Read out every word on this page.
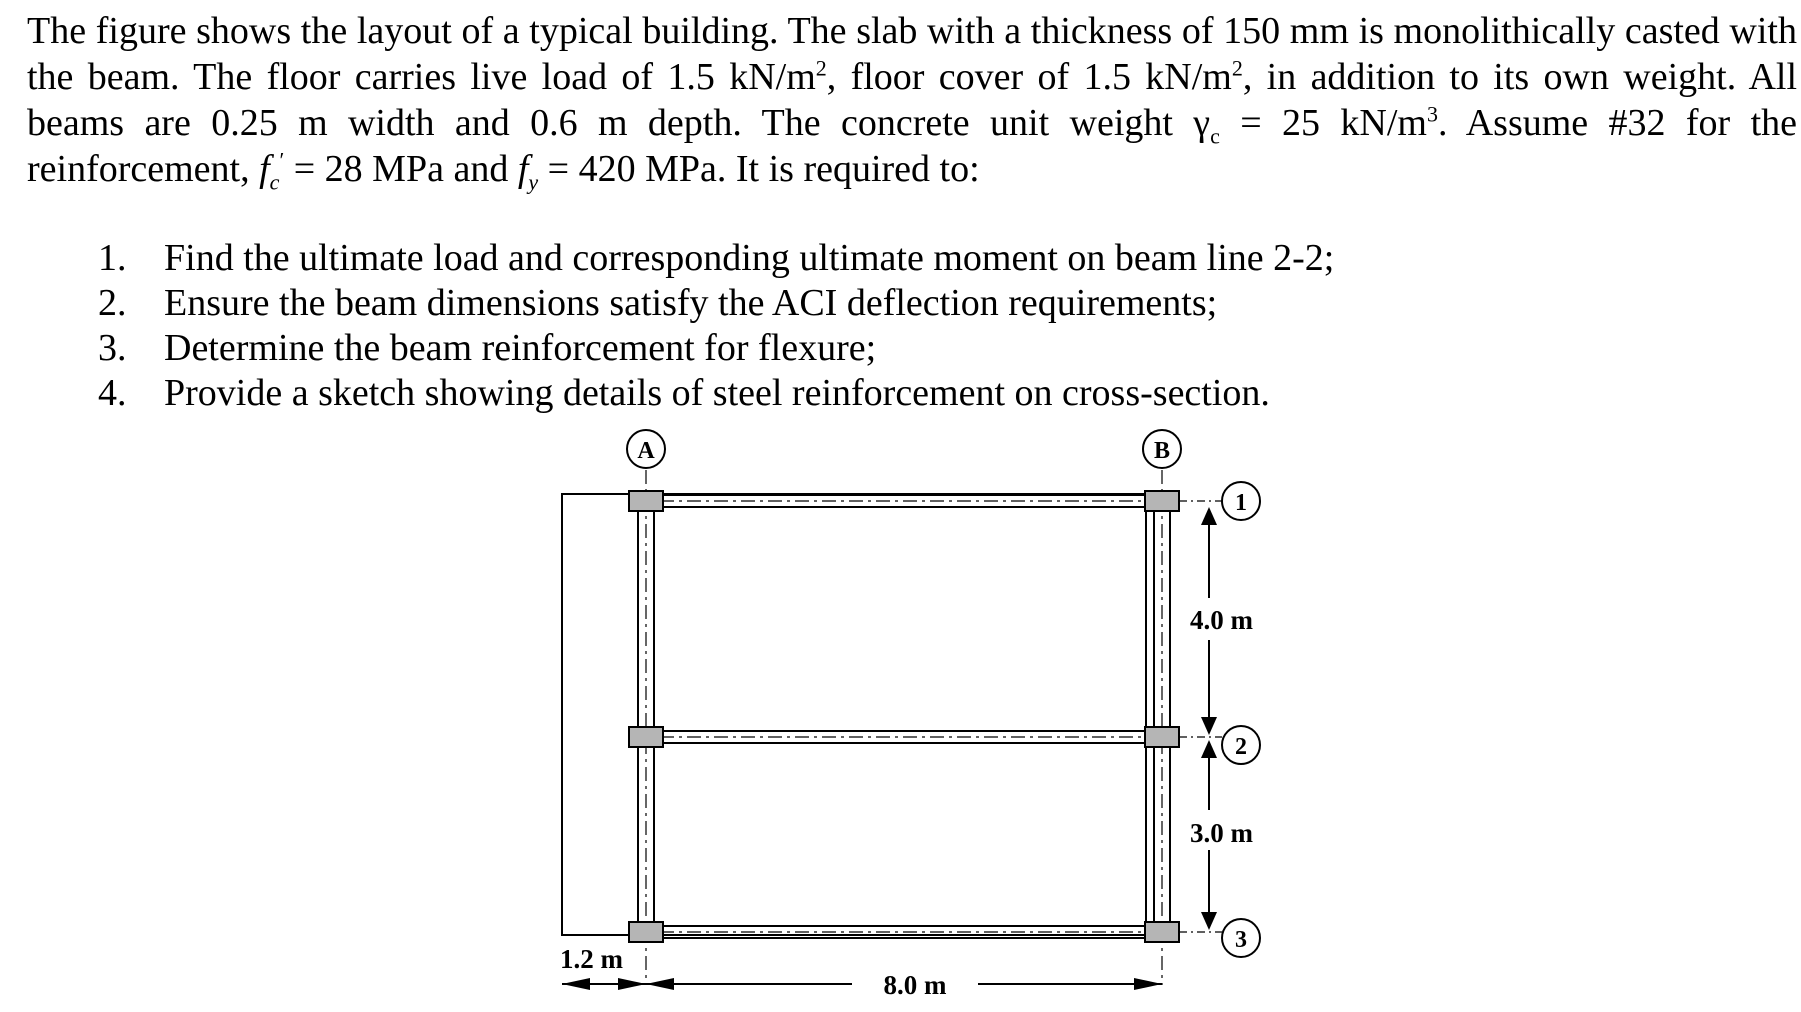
The figure shows the layout of a typical building. The slab with a thickness of 150 mm is monolithically casted with the beam. The floor carries live load of 1.5 $kN/m^2$, floor cover of 1.5 $kN/m^2$, in addition to its own weight. All beams are 0.25 m width and 0.6 m depth. The concrete unit weight $\gamma_c = 25$ $kN/m^3$. Assume #32 for the reinforcement, $f_c' = 28$ MPa and $f_y = 420$ MPa. It is required to:
1. Find the ultimate load and corresponding ultimate moment on beam line 2-2;
2. Ensure the beam dimensions satisfy the ACI deflection requirements;
3. Determine the beam reinforcement for flexure;
4. Provide a sketch showing details of steel reinforcement on cross-section.
A	B
1
2
3
4.0 m
3.0 m
1.2 m
8.0 m
